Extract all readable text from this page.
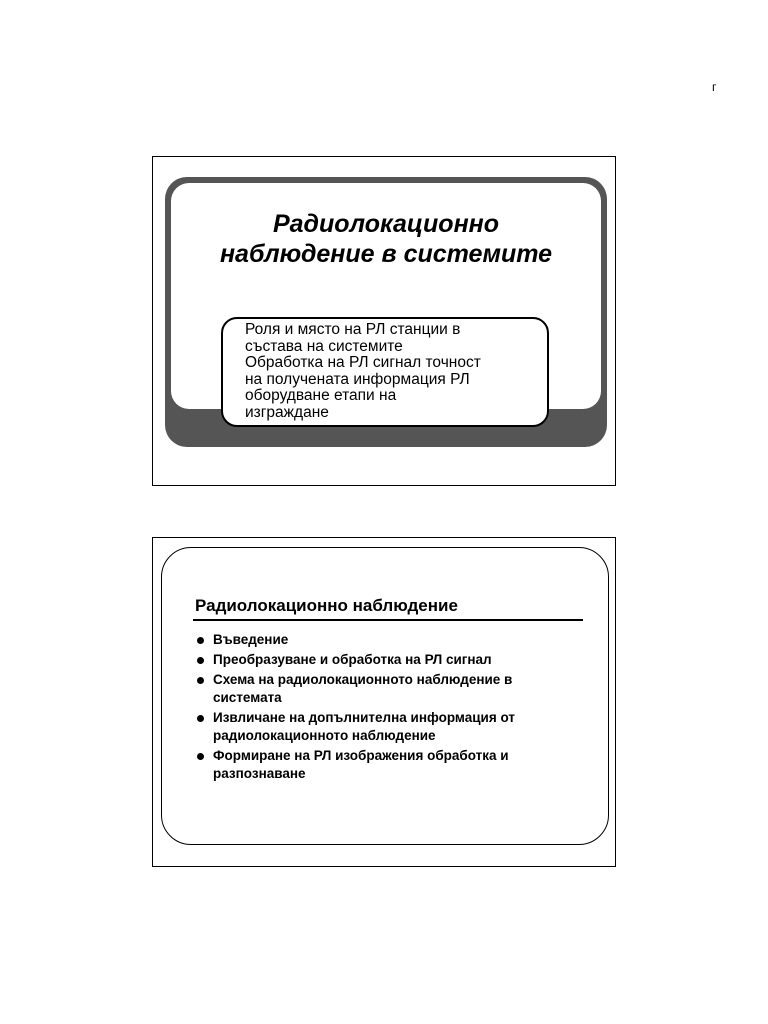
г
Радиолокационно
наблюдение в системите
Роля и място на РЛ станции в
състава на системите
Обработка на РЛ сигнал точност
на получената информация РЛ
оборудване етапи на
изграждане
Радиолокационно наблюдение
Въведение
Преобразуване и обработка на РЛ сигнал
Схема на радиолокационното наблюдение в системата
Извличане на допълнителна информация от радиолокационното наблюдение
Формиране на РЛ изображения обработка и разпознаване
